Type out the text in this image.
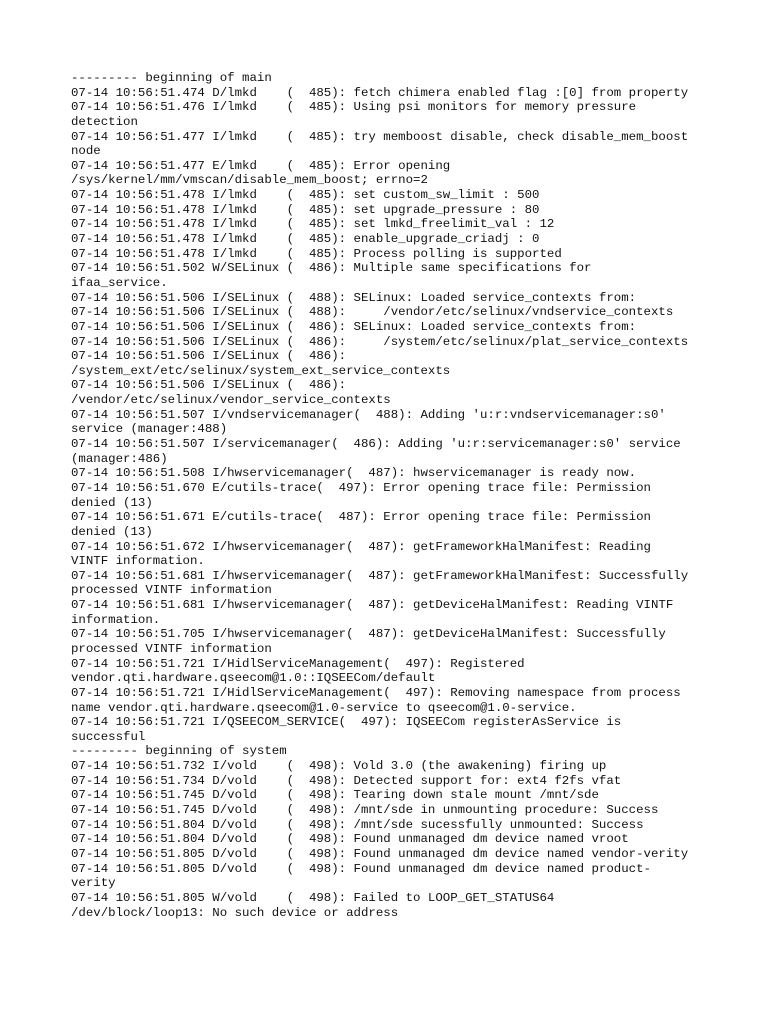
--------- beginning of main
07-14 10:56:51.474 D/lmkd    (  485): fetch chimera enabled flag :[0] from property
07-14 10:56:51.476 I/lmkd    (  485): Using psi monitors for memory pressure
detection
07-14 10:56:51.477 I/lmkd    (  485): try memboost disable, check disable_mem_boost
node
07-14 10:56:51.477 E/lmkd    (  485): Error opening
/sys/kernel/mm/vmscan/disable_mem_boost; errno=2
07-14 10:56:51.478 I/lmkd    (  485): set custom_sw_limit : 500
07-14 10:56:51.478 I/lmkd    (  485): set upgrade_pressure : 80
07-14 10:56:51.478 I/lmkd    (  485): set lmkd_freelimit_val : 12
07-14 10:56:51.478 I/lmkd    (  485): enable_upgrade_criadj : 0
07-14 10:56:51.478 I/lmkd    (  485): Process polling is supported
07-14 10:56:51.502 W/SELinux (  486): Multiple same specifications for
ifaa_service.
07-14 10:56:51.506 I/SELinux (  488): SELinux: Loaded service_contexts from:
07-14 10:56:51.506 I/SELinux (  488):     /vendor/etc/selinux/vndservice_contexts
07-14 10:56:51.506 I/SELinux (  486): SELinux: Loaded service_contexts from:
07-14 10:56:51.506 I/SELinux (  486):     /system/etc/selinux/plat_service_contexts
07-14 10:56:51.506 I/SELinux (  486):
/system_ext/etc/selinux/system_ext_service_contexts
07-14 10:56:51.506 I/SELinux (  486):
/vendor/etc/selinux/vendor_service_contexts
07-14 10:56:51.507 I/vndservicemanager(  488): Adding 'u:r:vndservicemanager:s0'
service (manager:488)
07-14 10:56:51.507 I/servicemanager(  486): Adding 'u:r:servicemanager:s0' service
(manager:486)
07-14 10:56:51.508 I/hwservicemanager(  487): hwservicemanager is ready now.
07-14 10:56:51.670 E/cutils-trace(  497): Error opening trace file: Permission
denied (13)
07-14 10:56:51.671 E/cutils-trace(  487): Error opening trace file: Permission
denied (13)
07-14 10:56:51.672 I/hwservicemanager(  487): getFrameworkHalManifest: Reading
VINTF information.
07-14 10:56:51.681 I/hwservicemanager(  487): getFrameworkHalManifest: Successfully
processed VINTF information
07-14 10:56:51.681 I/hwservicemanager(  487): getDeviceHalManifest: Reading VINTF
information.
07-14 10:56:51.705 I/hwservicemanager(  487): getDeviceHalManifest: Successfully
processed VINTF information
07-14 10:56:51.721 I/HidlServiceManagement(  497): Registered
vendor.qti.hardware.qseecom@1.0::IQSEECom/default
07-14 10:56:51.721 I/HidlServiceManagement(  497): Removing namespace from process
name vendor.qti.hardware.qseecom@1.0-service to qseecom@1.0-service.
07-14 10:56:51.721 I/QSEECOM_SERVICE(  497): IQSEECom registerAsService is
successful
--------- beginning of system
07-14 10:56:51.732 I/vold    (  498): Vold 3.0 (the awakening) firing up
07-14 10:56:51.734 D/vold    (  498): Detected support for: ext4 f2fs vfat
07-14 10:56:51.745 D/vold    (  498): Tearing down stale mount /mnt/sde
07-14 10:56:51.745 D/vold    (  498): /mnt/sde in unmounting procedure: Success
07-14 10:56:51.804 D/vold    (  498): /mnt/sde sucessfully unmounted: Success
07-14 10:56:51.804 D/vold    (  498): Found unmanaged dm device named vroot
07-14 10:56:51.805 D/vold    (  498): Found unmanaged dm device named vendor-verity
07-14 10:56:51.805 D/vold    (  498): Found unmanaged dm device named product-
verity
07-14 10:56:51.805 W/vold    (  498): Failed to LOOP_GET_STATUS64
/dev/block/loop13: No such device or address
